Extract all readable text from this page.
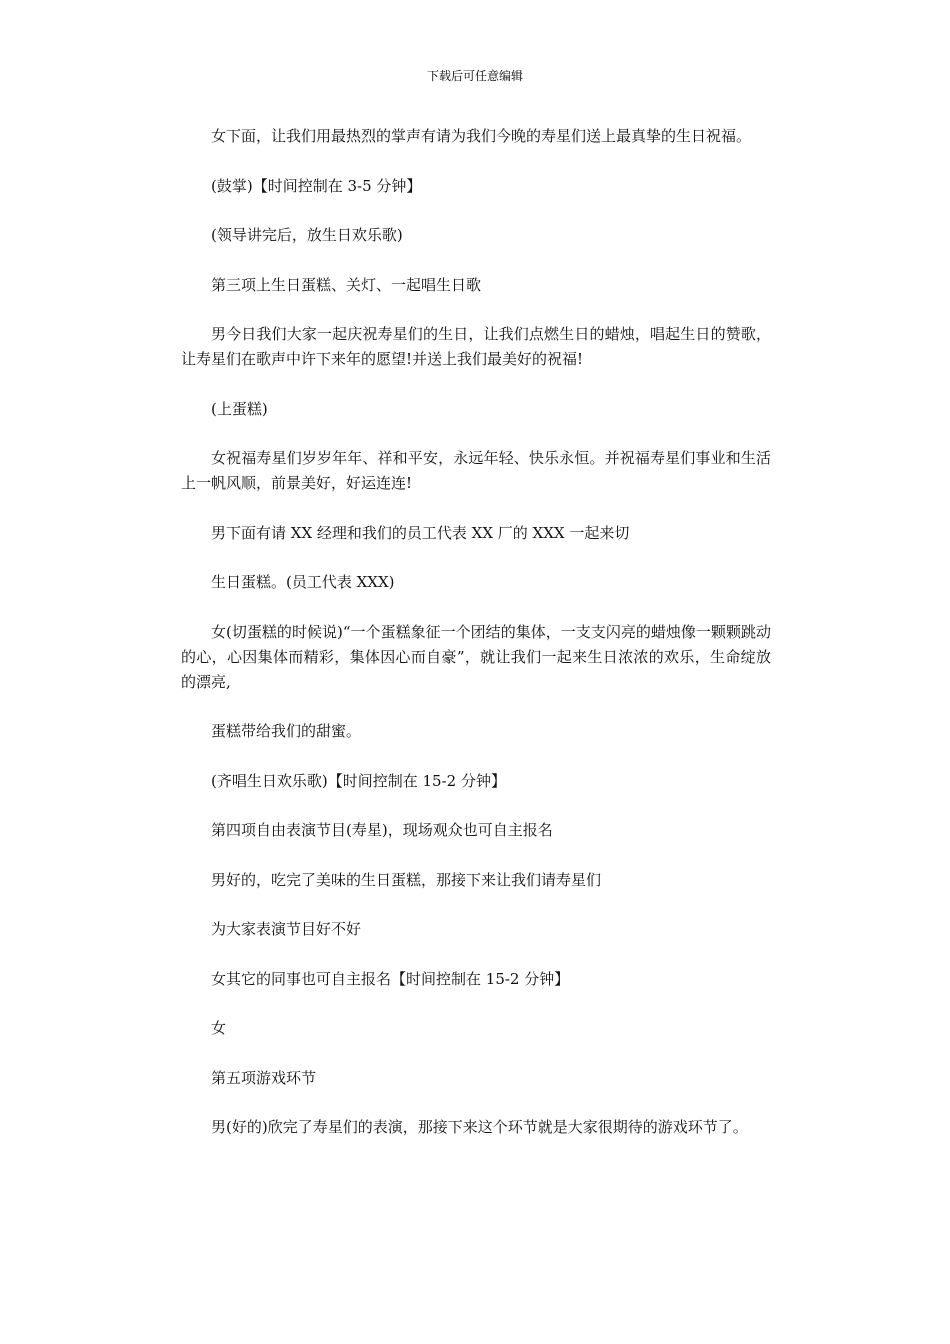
下载后可任意编辑

女下面，让我们用最热烈的掌声有请为我们今晚的寿星们送上最真挚的生日祝福。

(鼓掌)【时间控制在 3-5 分钟】

(领导讲完后，放生日欢乐歌)

第三项上生日蛋糕、关灯、一起唱生日歌

男今日我们大家一起庆祝寿星们的生日，让我们点燃生日的蜡烛，唱起生日的赞歌，让寿星们在歌声中许下来年的愿望!并送上我们最美好的祝福!

(上蛋糕)

女祝福寿星们岁岁年年、祥和平安，永远年轻、快乐永恒。并祝福寿星们事业和生活上一帆风顺，前景美好，好运连连!

男下面有请 XX 经理和我们的员工代表 XX 厂的 XXX 一起来切

生日蛋糕。(员工代表 XXX)

女(切蛋糕的时候说)“一个蛋糕象征一个团结的集体，一支支闪亮的蜡烛像一颗颗跳动的心，心因集体而精彩，集体因心而自豪”，就让我们一起来生日浓浓的欢乐，生命绽放的漂亮,

蛋糕带给我们的甜蜜。

(齐唱生日欢乐歌)【时间控制在 15-2 分钟】

第四项自由表演节目(寿星)，现场观众也可自主报名

男好的，吃完了美味的生日蛋糕，那接下来让我们请寿星们

为大家表演节目好不好

女其它的同事也可自主报名【时间控制在 15-2 分钟】

女

第五项游戏环节

男(好的)欣完了寿星们的表演，那接下来这个环节就是大家很期待的游戏环节了。
